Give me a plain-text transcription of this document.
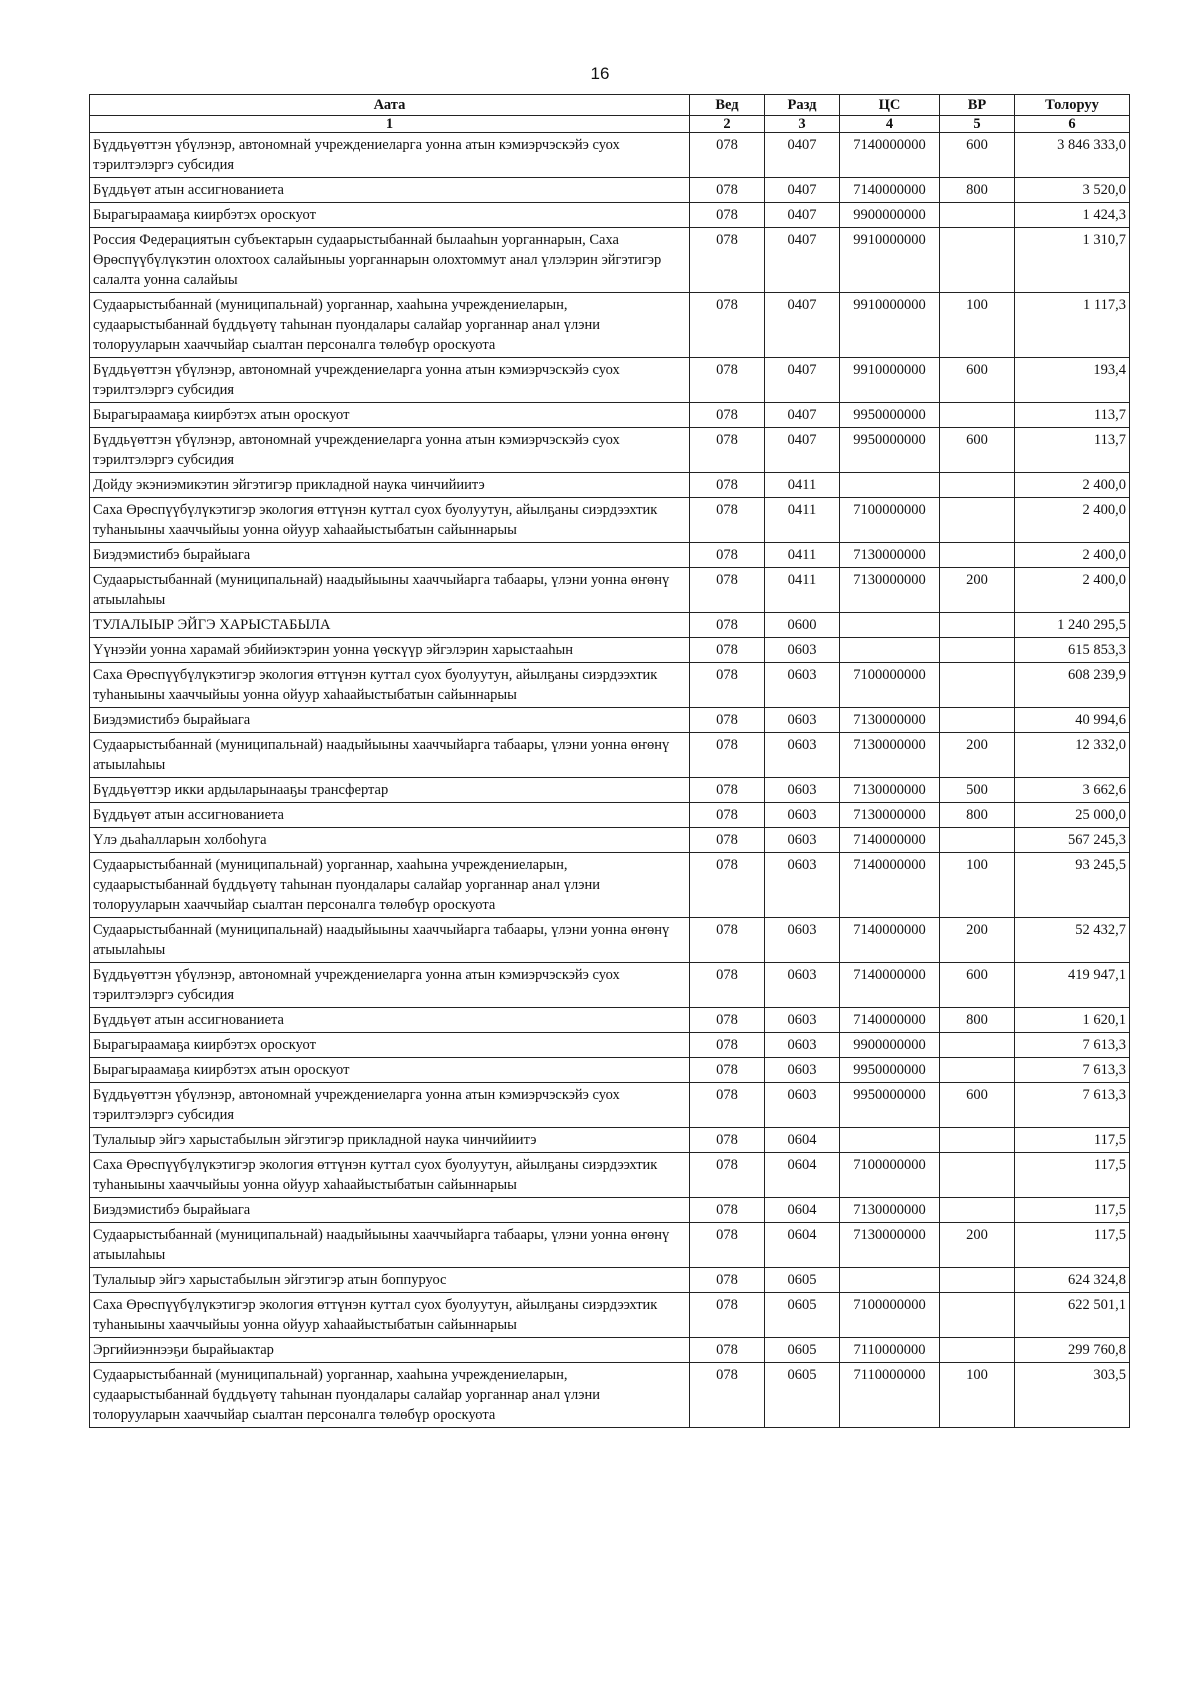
16
Аата	Вед	Разд	ЦС	ВР	Толоруу
1	2	3	4	5	6
Бүддьүөттэн үбүлэнэр, автономнай учреждениеларга уонна атын кэмиэрчэскэйэ суох тэрилтэлэргэ субсидия	078	0407	7140000000	600	3 846 333,0
Бүддьүөт атын ассигнованиета	078	0407	7140000000	800	3 520,0
Бырагыраамаҕа киирбэтэх ороскуот	078	0407	9900000000		1 424,3
Россия Федерациятын субъектарын судаарыстыбаннай былааһын уорганнарын, Саха Өрөспүүбүлүкэтин олохтоох салайыныы уорганнарын олохтоммут анал үлэлэрин эйгэтигэр салалта уонна салайыы	078	0407	9910000000		1 310,7
Судаарыстыбаннай (муниципальнай) уорганнар, хааһына учреждениеларын, судаарыстыбаннай бүддьүөтү таһынан пуондалары салайар уорганнар анал үлэни толорууларын хааччыйар сыалтан персоналга төлөбүр ороскуота	078	0407	9910000000	100	1 117,3
Бүддьүөттэн үбүлэнэр, автономнай учреждениеларга уонна атын кэмиэрчэскэйэ суох тэрилтэлэргэ субсидия	078	0407	9910000000	600	193,4
Бырагыраамаҕа киирбэтэх атын ороскуот	078	0407	9950000000		113,7
Бүддьүөттэн үбүлэнэр, автономнай учреждениеларга уонна атын кэмиэрчэскэйэ суох тэрилтэлэргэ субсидия	078	0407	9950000000	600	113,7
Дойду экэниэмикэтин эйгэтигэр прикладной наука чинчийиитэ	078	0411			2 400,0
Саха Өрөспүүбүлүкэтигэр экология өттүнэн куттал суох буолуутун, айылҕаны сиэрдээхтик туһаныыны хааччыйыы уонна ойуур хаһаайыстыбатын сайыннарыы	078	0411	7100000000		2 400,0
Биэдэмистибэ бырайыага	078	0411	7130000000		2 400,0
Судаарыстыбаннай (муниципальнай) наадыйыыны хааччыйарга табаары, үлэни уонна өҥөнү атыылаһыы	078	0411	7130000000	200	2 400,0
ТУЛАЛЫЫР ЭЙГЭ ХАРЫСТАБЫЛА	078	0600			1 240 295,5
Үүнээйи уонна харамай эбийиэктэрин уонна үөскүүр эйгэлэрин харыстааһын	078	0603			615 853,3
Саха Өрөспүүбүлүкэтигэр экология өттүнэн куттал суох буолуутун, айылҕаны сиэрдээхтик туһаныыны хааччыйыы уонна ойуур хаһаайыстыбатын сайыннарыы	078	0603	7100000000		608 239,9
Биэдэмистибэ бырайыага	078	0603	7130000000		40 994,6
Судаарыстыбаннай (муниципальнай) наадыйыыны хааччыйарга табаары, үлэни уонна өҥөнү атыылаһыы	078	0603	7130000000	200	12 332,0
Бүддьүөттэр икки ардыларынааҕы трансфертар	078	0603	7130000000	500	3 662,6
Бүддьүөт атын ассигнованиета	078	0603	7130000000	800	25 000,0
Үлэ дьаһалларын холбоһуга	078	0603	7140000000		567 245,3
Судаарыстыбаннай (муниципальнай) уорганнар, хааһына учреждениеларын, судаарыстыбаннай бүддьүөтү таһынан пуондалары салайар уорганнар анал үлэни толорууларын хааччыйар сыалтан персоналга төлөбүр ороскуота	078	0603	7140000000	100	93 245,5
Судаарыстыбаннай (муниципальнай) наадыйыыны хааччыйарга табаары, үлэни уонна өҥөнү атыылаһыы	078	0603	7140000000	200	52 432,7
Бүддьүөттэн үбүлэнэр, автономнай учреждениеларга уонна атын кэмиэрчэскэйэ суох тэрилтэлэргэ субсидия	078	0603	7140000000	600	419 947,1
Бүддьүөт атын ассигнованиета	078	0603	7140000000	800	1 620,1
Бырагыраамаҕа киирбэтэх ороскуот	078	0603	9900000000		7 613,3
Бырагыраамаҕа киирбэтэх атын ороскуот	078	0603	9950000000		7 613,3
Бүддьүөттэн үбүлэнэр, автономнай учреждениеларга уонна атын кэмиэрчэскэйэ суох тэрилтэлэргэ субсидия	078	0603	9950000000	600	7 613,3
Тулалыыр эйгэ харыстабылын эйгэтигэр прикладной наука чинчийиитэ	078	0604			117,5
Саха Өрөспүүбүлүкэтигэр экология өттүнэн куттал суох буолуутун, айылҕаны сиэрдээхтик туһаныыны хааччыйыы уонна ойуур хаһаайыстыбатын сайыннарыы	078	0604	7100000000		117,5
Биэдэмистибэ бырайыага	078	0604	7130000000		117,5
Судаарыстыбаннай (муниципальнай) наадыйыыны хааччыйарга табаары, үлэни уонна өҥөнү атыылаһыы	078	0604	7130000000	200	117,5
Тулалыыр эйгэ харыстабылын эйгэтигэр атын боппуруос	078	0605			624 324,8
Саха Өрөспүүбүлүкэтигэр экология өттүнэн куттал суох буолуутун, айылҕаны сиэрдээхтик туһаныыны хааччыйыы уонна ойуур хаһаайыстыбатын сайыннарыы	078	0605	7100000000		622 501,1
Эргийиэннээҕи бырайыактар	078	0605	7110000000		299 760,8
Судаарыстыбаннай (муниципальнай) уорганнар, хааһына учреждениеларын, судаарыстыбаннай бүддьүөтү таһынан пуондалары салайар уорганнар анал үлэни толорууларын хааччыйар сыалтан персоналга төлөбүр ороскуота	078	0605	7110000000	100	303,5
